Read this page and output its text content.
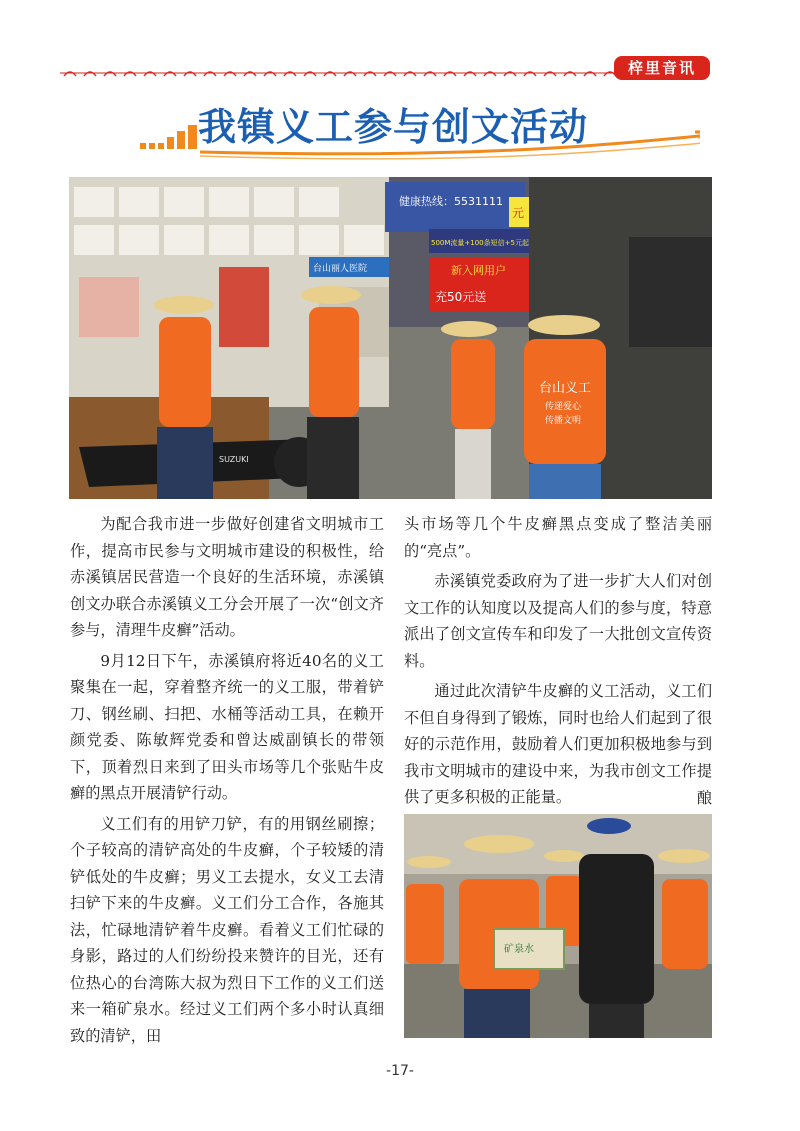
梓里音讯
我镇义工参与创文活动
健康热线：5531111
500M流量+100条短信+5元起
元
新入网用户
充50元送
台山丽人医院
SUZUKI
台山义工
传递爱心
传播文明

为配合我市进一步做好创建省文明城市工作，提高市民参与文明城市建设的积极性，给赤溪镇居民营造一个良好的生活环境，赤溪镇创文办联合赤溪镇义工分会开展了一次“创文齐参与，清理牛皮癣”活动。

9月12日下午，赤溪镇府将近40名的义工聚集在一起，穿着整齐统一的义工服，带着铲刀、钢丝刷、扫把、水桶等活动工具，在赖开颜党委、陈敏辉党委和曾达威副镇长的带领下，顶着烈日来到了田头市场等几个张贴牛皮癣的黑点开展清铲行动。

义工们有的用铲刀铲，有的用钢丝刷擦；个子较高的清铲高处的牛皮癣，个子较矮的清铲低处的牛皮癣；男义工去提水，女义工去清扫铲下来的牛皮癣。义工们分工合作，各施其法，忙碌地清铲着牛皮癣。看着义工们忙碌的身影，路过的人们纷纷投来赞许的目光，还有位热心的台湾陈大叔为烈日下工作的义工们送来一箱矿泉水。经过义工们两个多小时认真细致的清铲，田

头市场等几个牛皮癣黑点变成了整洁美丽的“亮点”。

赤溪镇党委政府为了进一步扩大人们对创文工作的认知度以及提高人们的参与度，特意派出了创文宣传车和印发了一大批创文宣传资料。

通过此次清铲牛皮癣的义工活动，义工们不但自身得到了锻炼，同时也给人们起到了很好的示范作用，鼓励着人们更加积极地参与到我市文明城市的建设中来，为我市创文工作提供了更多积极的正能量。	酿
矿泉水
-17-
